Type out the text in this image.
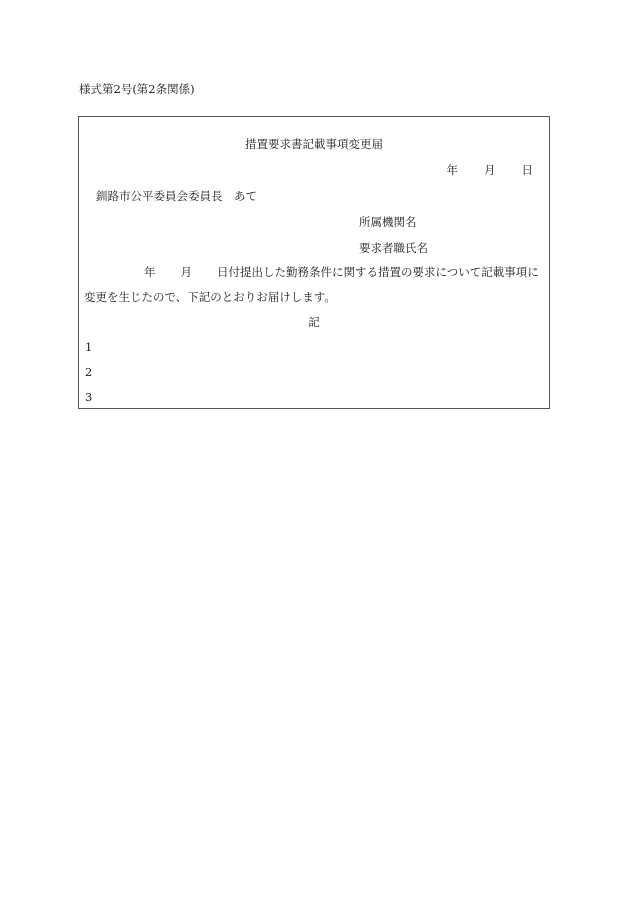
様式第2号(第2条関係)
措置要求書記載事項変更届
年 月 日
釧路市公平委員会委員長　あて
所属機関名
要求者職氏名
年 月 日付提出した勤務条件に関する措置の要求について記載事項に
変更を生じたので、下記のとおりお届けします。
記
1
2
3
